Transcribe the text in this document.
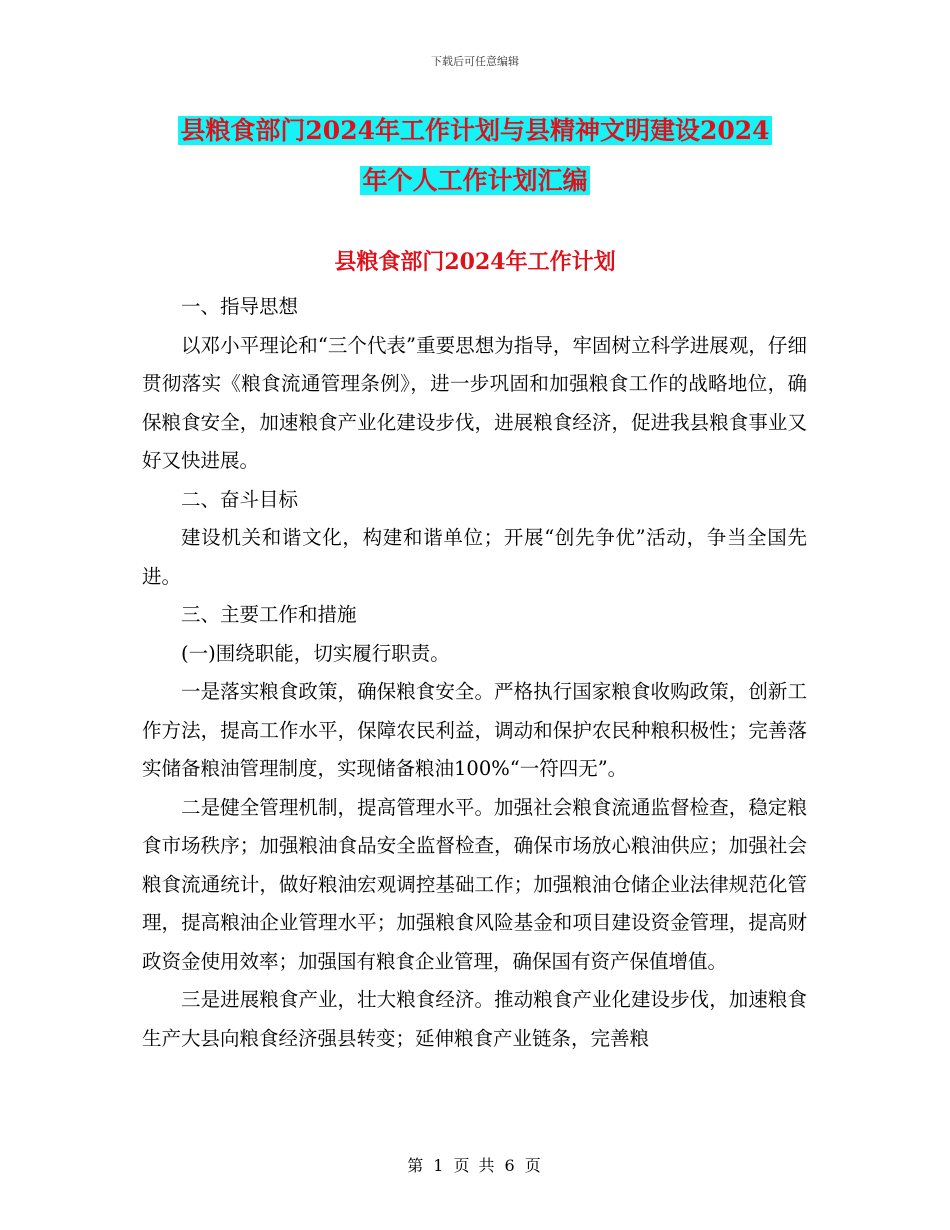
下载后可任意编辑
县粮食部门2024年工作计划与县精神文明建设2024
年个人工作计划汇编
县粮食部门2024年工作计划

一、指导思想

以邓小平理论和“三个代表”重要思想为指导，牢固树立科学进展观，仔细贯彻落实《粮食流通管理条例》，进一步巩固和加强粮食工作的战略地位，确保粮食安全，加速粮食产业化建设步伐，进展粮食经济，促进我县粮食事业又好又快进展。

二、奋斗目标

建设机关和谐文化，构建和谐单位；开展“创先争优”活动，争当全国先进。

三、主要工作和措施

(一)围绕职能，切实履行职责。

一是落实粮食政策，确保粮食安全。严格执行国家粮食收购政策，创新工作方法，提高工作水平，保障农民利益，调动和保护农民种粮积极性；完善落实储备粮油管理制度，实现储备粮油100%“一符四无”。

二是健全管理机制，提高管理水平。加强社会粮食流通监督检查，稳定粮食市场秩序；加强粮油食品安全监督检查，确保市场放心粮油供应；加强社会粮食流通统计，做好粮油宏观调控基础工作；加强粮油仓储企业法律规范化管理，提高粮油企业管理水平；加强粮食风险基金和项目建设资金管理，提高财政资金使用效率；加强国有粮食企业管理，确保国有资产保值增值。

三是进展粮食产业，壮大粮食经济。推动粮食产业化建设步伐，加速粮食生产大县向粮食经济强县转变；延伸粮食产业链条，完善粮

第 1 页 共 6 页
